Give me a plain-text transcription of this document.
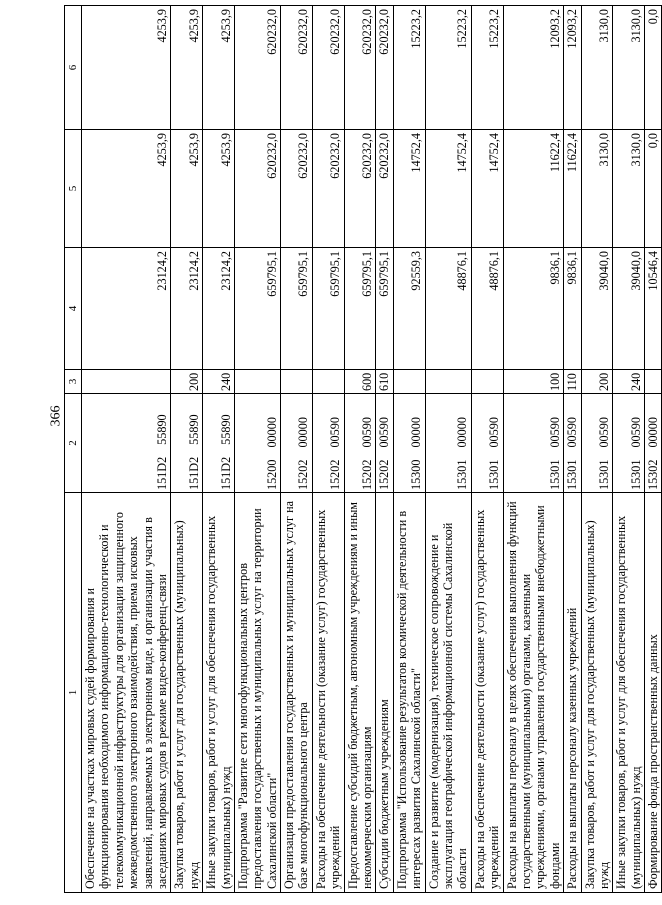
366
1	2	3	4	5	6
Обеспечение на участках мировых судей формирования и функционирования необходимого информационно-технологической и телекоммуникационной инфраструктуры для организации защищенного межведомственного электронного взаимодействия, приема исковых заявлений, направляемых в электронном виде, и организации участия в заседаниях мировых судов в режиме видео-конференц-связи	151D255890		23124,2	4253,9	4253,9
Закупка товаров, работ и услуг для государственных (муниципальных) нужд	151D255890	200	23124,2	4253,9	4253,9
Иные закупки товаров, работ и услуг для обеспечения государственных (муниципальных) нужд	151D255890	240	23124,2	4253,9	4253,9
Подпрограмма "Развитие сети многофункциональных центров предоставления государственных и муниципальных услуг на территории Сахалинской области"	1520000000		659795,1	620232,0	620232,0
Организация предоставления государственных и муниципальных услуг на базе многофункционального центра	1520200000		659795,1	620232,0	620232,0
Расходы на обеспечение деятельности (оказание услуг) государственных учреждений	1520200590		659795,1	620232,0	620232,0
Предоставление субсидий бюджетным, автономным учреждениям и иным некоммерческим организациям	1520200590	600	659795,1	620232,0	620232,0
Субсидии бюджетным учреждениям	1520200590	610	659795,1	620232,0	620232,0
Подпрограмма "Использование результатов космической деятельности в интересах развития Сахалинской области"	1530000000		92559,3	14752,4	15223,2
Создание и развитие (модернизация), техническое сопровождение и эксплуатация географической информационной системы Сахалинской области	1530100000		48876,1	14752,4	15223,2
Расходы на обеспечение деятельности (оказание услуг) государственных учреждений	1530100590		48876,1	14752,4	15223,2
Расходы на выплаты персоналу в целях обеспечения выполнения функций государственными (муниципальными) органами, казенными учреждениями, органами управления государственными внебюджетными фондами	1530100590	100	9836,1	11622,4	12093,2
Расходы на выплаты персоналу казенных учреждений	1530100590	110	9836,1	11622,4	12093,2
Закупка товаров, работ и услуг для государственных (муниципальных) нужд	1530100590	200	39040,0	3130,0	3130,0
Иные закупки товаров, работ и услуг для обеспечения государственных (муниципальных) нужд	1530100590	240	39040,0	3130,0	3130,0
Формирование фонда пространственных данных	1530200000		10546,4	0,0	0,0
